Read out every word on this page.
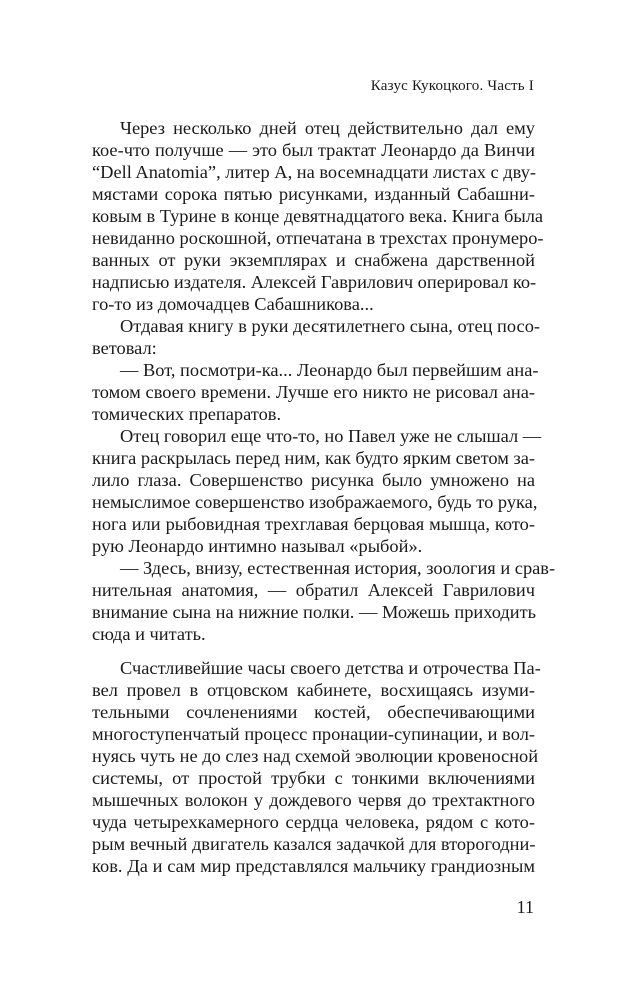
Казус Кукоцкого. Часть I
Через несколько дней отец действительно дал ему
кое-что получше — это был трактат Леонардо да Винчи
“Dell Anatomia”, литер А, на восемнадцати листах с дву-
мястами сорока пятью рисунками, изданный Сабашни-
ковым в Турине в конце девятнадцатого века. Книга была
невиданно роскошной, отпечатана в трехстах пронумеро-
ванных от руки экземплярах и снабжена дарственной
надписью издателя. Алексей Гаврилович оперировал ко-
го-то из домочадцев Сабашникова...
Отдавая книгу в руки десятилетнего сына, отец посо-
ветовал:
— Вот, посмотри-ка... Леонардо был первейшим ана-
томом своего времени. Лучше его никто не рисовал ана-
томических препаратов.
Отец говорил еще что-то, но Павел уже не слышал —
книга раскрылась перед ним, как будто ярким светом за-
лило глаза. Совершенство рисунка было умножено на
немыслимое совершенство изображаемого, будь то рука,
нога или рыбовидная трехглавая берцовая мышца, кото-
рую Леонардо интимно называл «рыбой».
— Здесь, внизу, естественная история, зоология и срав-
нительная анатомия, — обратил Алексей Гаврилович
внимание сына на нижние полки. — Можешь приходить
сюда и читать.
Счастливейшие часы своего детства и отрочества Па-
вел провел в отцовском кабинете, восхищаясь изуми-
тельными сочленениями костей, обеспечивающими
многоступенчатый процесс пронации-супинации, и вол-
нуясь чуть не до слез над схемой эволюции кровеносной
системы, от простой трубки с тонкими включениями
мышечных волокон у дождевого червя до трехтактного
чуда четырехкамерного сердца человека, рядом с кото-
рым вечный двигатель казался задачкой для второгодни-
ков. Да и сам мир представлялся мальчику грандиозным
11
